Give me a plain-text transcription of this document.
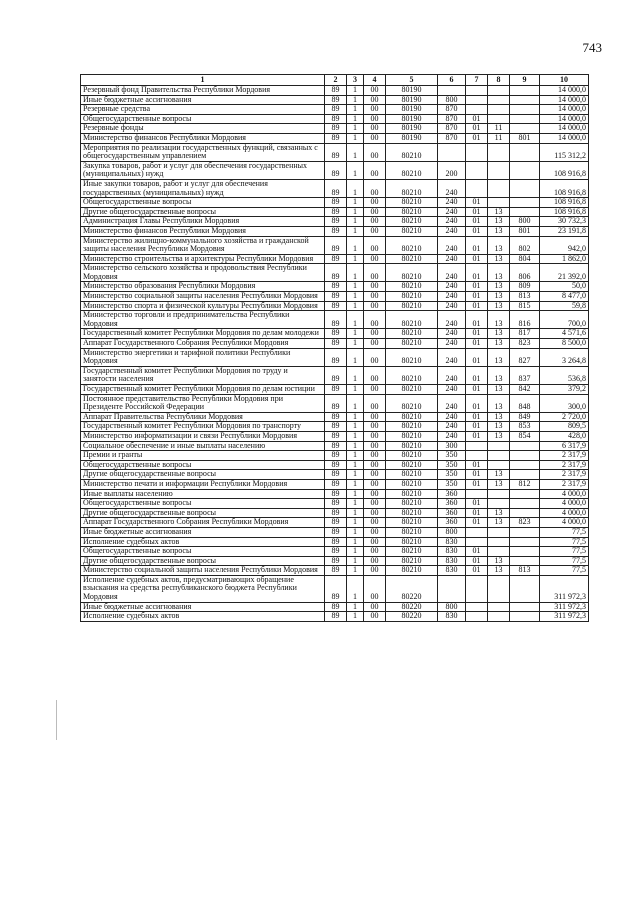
743
1	2	3	4	5	6	7	8	9	10
Резервный фонд Правительства Республики Мордовия	89	1	00	80190					14 000,0
Иные бюджетные ассигнования	89	1	00	80190	800				14 000,0
Резервные средства	89	1	00	80190	870				14 000,0
Общегосударственные вопросы	89	1	00	80190	870	01			14 000,0
Резервные фонды	89	1	00	80190	870	01	11		14 000,0
Министерство финансов Республики Мордовия	89	1	00	80190	870	01	11	801	14 000,0
Мероприятия по реализации государственных функций, связанных с общегосударственным управлением	89	1	00	80210					115 312,2
Закупка товаров, работ и услуг для обеспечения государственных (муниципальных) нужд	89	1	00	80210	200				108 916,8
Иные закупки товаров, работ и услуг для обеспечения государственных (муниципальных) нужд	89	1	00	80210	240				108 916,8
Общегосударственные вопросы	89	1	00	80210	240	01			108 916,8
Другие общегосударственные вопросы	89	1	00	80210	240	01	13		108 916,8
Администрация Главы Республики Мордовия	89	1	00	80210	240	01	13	800	30 732,3
Министерство финансов Республики Мордовия	89	1	00	80210	240	01	13	801	23 191,8
Министерство жилищно-коммунального хозяйства и гражданской защиты населения Республики Мордовия	89	1	00	80210	240	01	13	802	942,0
Министерство строительства и архитектуры Республики Мордовия	89	1	00	80210	240	01	13	804	1 862,0
Министерство сельского хозяйства и продовольствия Республики Мордовия	89	1	00	80210	240	01	13	806	21 392,0
Министерство образования Республики Мордовия	89	1	00	80210	240	01	13	809	50,0
Министерство социальной защиты населения Республики Мордовия	89	1	00	80210	240	01	13	813	8 477,0
Министерство спорта и физической культуры Республики Мордовия	89	1	00	80210	240	01	13	815	59,8
Министерство торговли и предпринимательства Республики Мордовия	89	1	00	80210	240	01	13	816	700,0
Государственный комитет Республики Мордовия по делам молодежи	89	1	00	80210	240	01	13	817	4 571,6
Аппарат Государственного Собрания Республики Мордовия	89	1	00	80210	240	01	13	823	8 500,0
Министерство энергетики и тарифной политики Республики Мордовия	89	1	00	80210	240	01	13	827	3 264,8
Государственный комитет Республики Мордовия по труду и занятости населения	89	1	00	80210	240	01	13	837	536,8
Государственный комитет Республики Мордовия по делам юстиции	89	1	00	80210	240	01	13	842	379,2
Постоянное представительство Республики Мордовия при Президенте Российской Федерации	89	1	00	80210	240	01	13	848	300,0
Аппарат Правительства Республики Мордовия	89	1	00	80210	240	01	13	849	2 720,0
Государственный комитет Республики Мордовия по транспорту	89	1	00	80210	240	01	13	853	809,5
Министерство информатизации и связи Республики Мордовия	89	1	00	80210	240	01	13	854	428,0
Социальное обеспечение и иные выплаты населению	89	1	00	80210	300				6 317,9
Премии и гранты	89	1	00	80210	350				2 317,9
Общегосударственные вопросы	89	1	00	80210	350	01			2 317,9
Другие общегосударственные вопросы	89	1	00	80210	350	01	13		2 317,9
Министерство печати и информации Республики Мордовия	89	1	00	80210	350	01	13	812	2 317,9
Иные выплаты населению	89	1	00	80210	360				4 000,0
Общегосударственные вопросы	89	1	00	80210	360	01			4 000,0
Другие общегосударственные вопросы	89	1	00	80210	360	01	13		4 000,0
Аппарат Государственного Собрания Республики Мордовия	89	1	00	80210	360	01	13	823	4 000,0
Иные бюджетные ассигнования	89	1	00	80210	800				77,5
Исполнение судебных актов	89	1	00	80210	830				77,5
Общегосударственные вопросы	89	1	00	80210	830	01			77,5
Другие общегосударственные вопросы	89	1	00	80210	830	01	13		77,5
Министерство социальной защиты населения Республики Мордовия	89	1	00	80210	830	01	13	813	77,5
Исполнение судебных актов, предусматривающих обращение взыскания на средства республиканского бюджета Республики Мордовия	89	1	00	80220					311 972,3
Иные бюджетные ассигнования	89	1	00	80220	800				311 972,3
Исполнение судебных актов	89	1	00	80220	830				311 972,3
